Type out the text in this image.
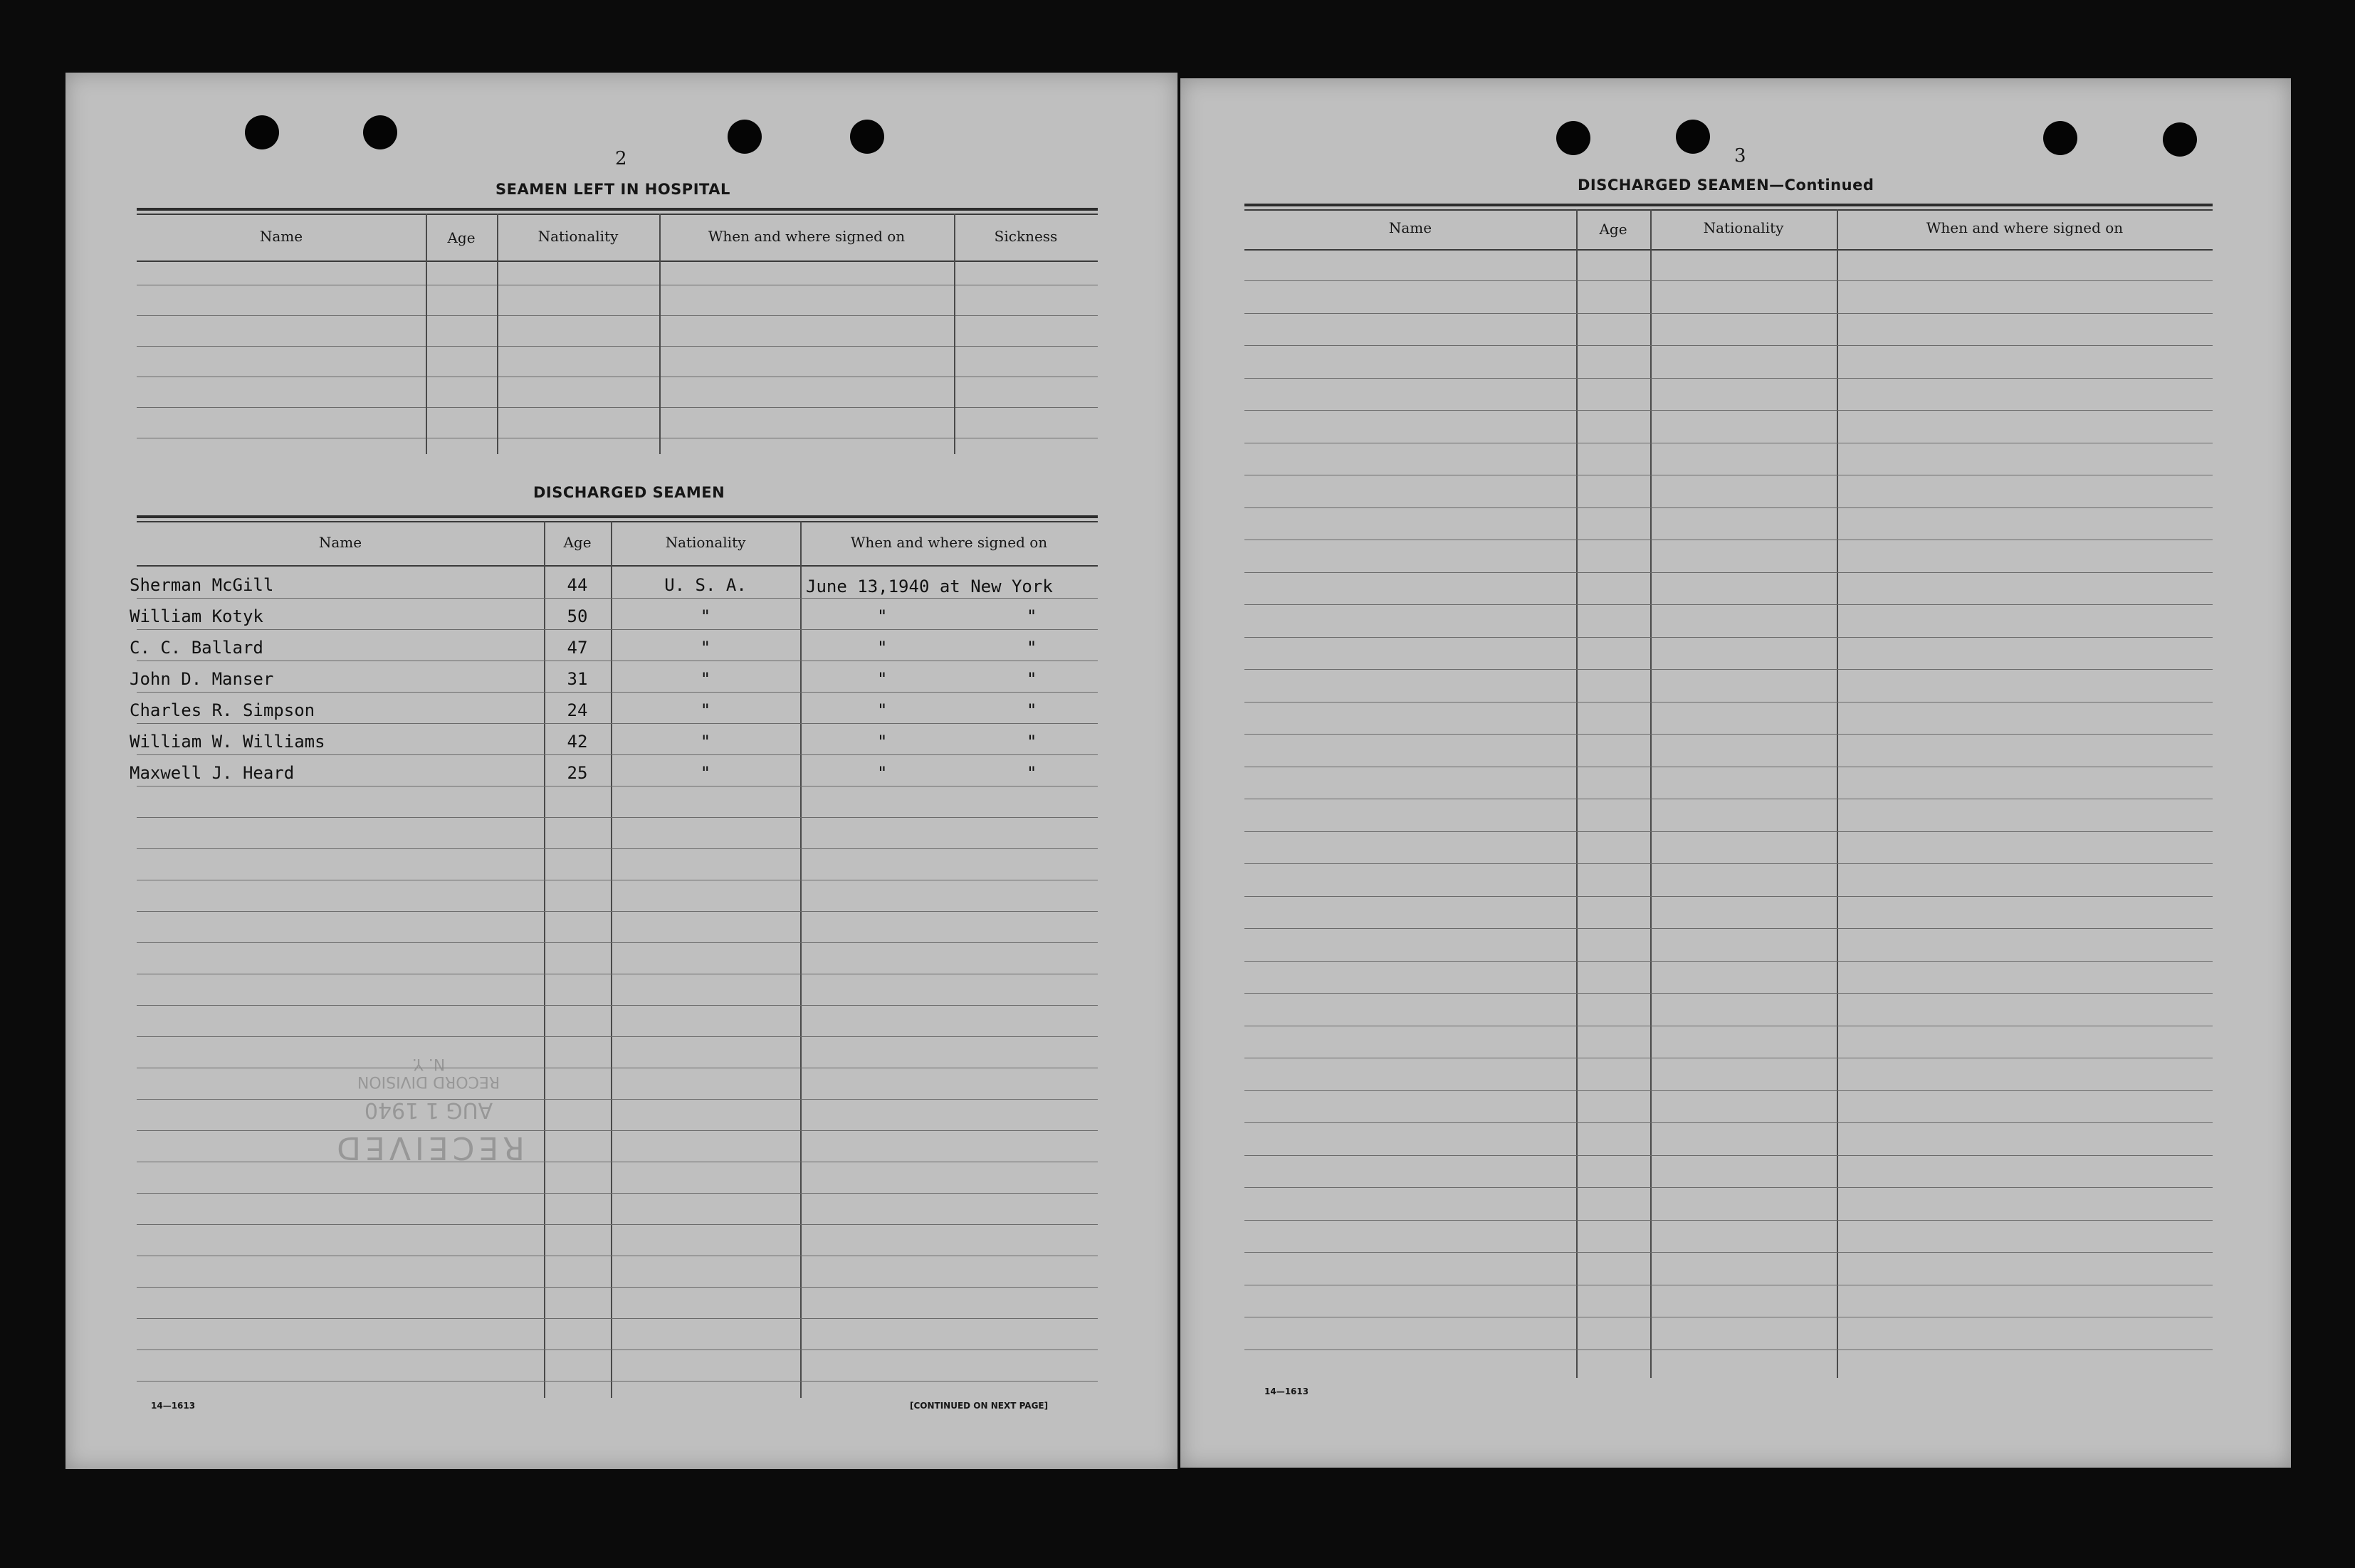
2
SEAMEN LEFT IN HOSPITAL
Name	Age	Nationality	When and where signed on	Sickness
DISCHARGED SEAMEN
Name	Age	Nationality	When and where signed on
Sherman McGill	44	U. S. A.	June 13,1940 at New York
William Kotyk	50	"	"	"
C. C. Ballard	47	"	"	"
John D. Manser	31	"	"	"
Charles R. Simpson	24	"	"	"
William W. Williams	42	"	"	"
Maxwell J. Heard	25	"	"	"
RECEIVED
AUG 1 1940
RECORD DIVISION
N. Y.
14—1613	[CONTINUED ON NEXT PAGE]
3
DISCHARGED SEAMEN—Continued
Name	Age	Nationality	When and where signed on
14—1613
